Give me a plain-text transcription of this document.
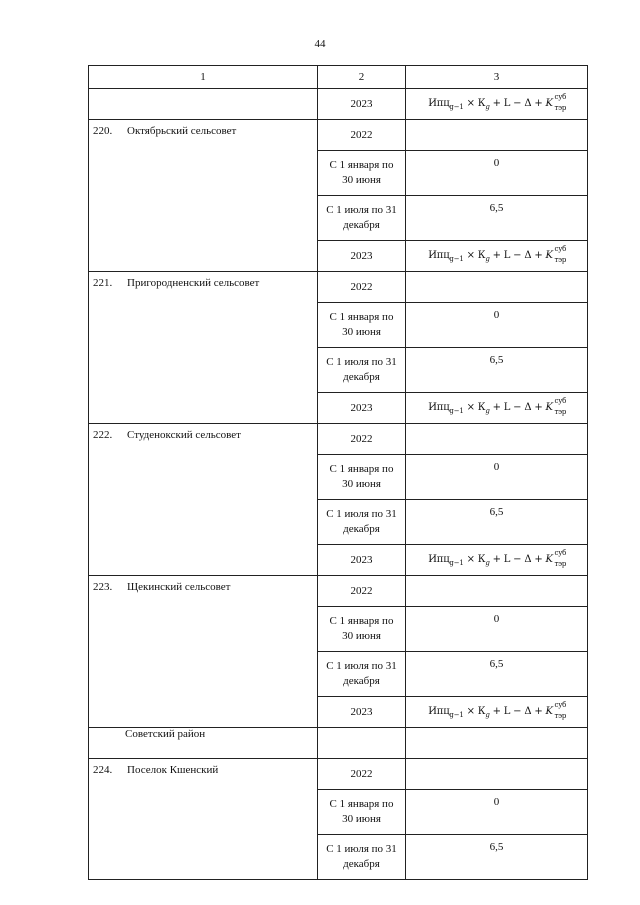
44
1	2	3
	2023	$Ипц_{g-1} \times К_g + L - \Delta + K$
суб
тэр

220. Октябрьский сельсовет	2022	

	С 1 января по
30 июня	0

	С 1 июля по 31
декабря	6,5
	2023	$Ипц_{g-1} \times К_g + L - \Delta + K$
суб
тэр

221. Пригородненский сельсовет	2022	

	С 1 января по
30 июня	0

	С 1 июля по 31
декабря	6,5
	2023	$Ипц_{g-1} \times К_g + L - \Delta + K$
суб
тэр

222. Студенокский сельсовет	2022	

	С 1 января по
30 июня	0

	С 1 июля по 31
декабря	6,5
	2023	$Ипц_{g-1} \times К_g + L - \Delta + K$
суб
тэр

223. Щекинский сельсовет	2022	

	С 1 января по
30 июня	0

	С 1 июля по 31
декабря	6,5
	2023	$Ипц_{g-1} \times К_g + L - \Delta + K$
суб
тэр

Советский район		

224. Поселок Кшенский	2022	

	С 1 января по
30 июня	0

	С 1 июля по 31
декабря	6,5
